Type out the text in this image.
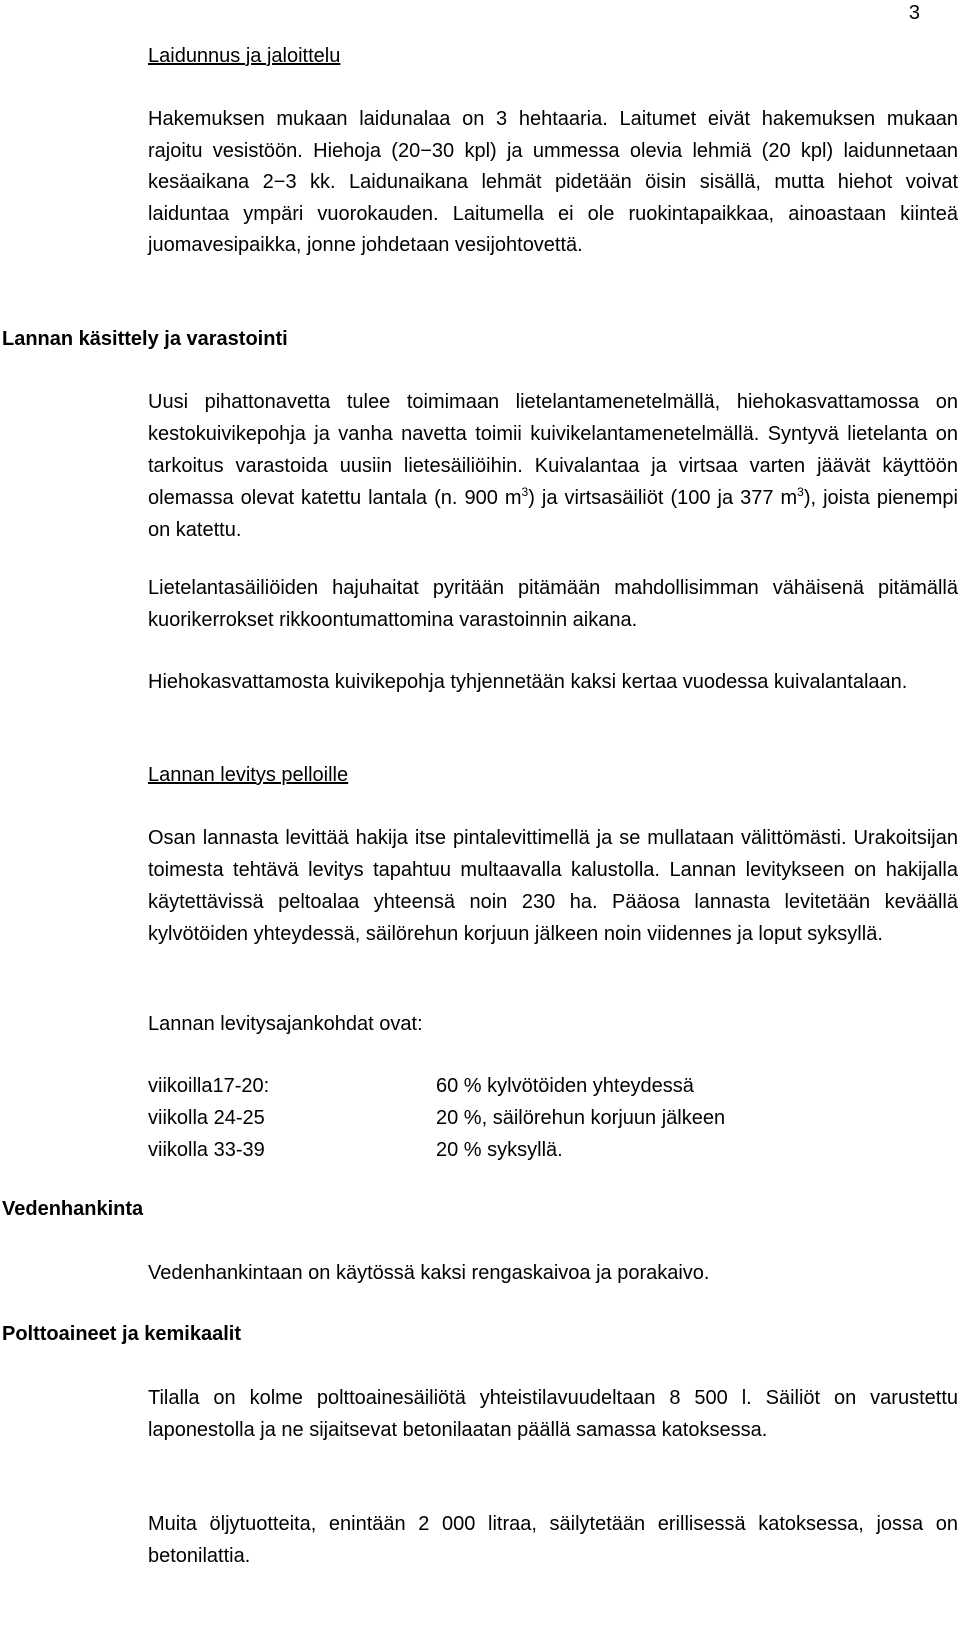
3
Laidunnus ja jaloittelu

Hakemuksen mukaan laidunalaa on 3 hehtaaria. Laitumet eivät hakemuksen mukaan rajoitu vesistöön. Hiehoja (20−30 kpl) ja ummessa olevia lehmiä (20 kpl) laidunnetaan kesäaikana 2−3 kk. Laidunaikana lehmät pidetään öisin sisällä, mutta hiehot voivat laiduntaa ympäri vuorokauden. Laitumella ei ole ruokintapaikkaa, ainoastaan kiinteä juomavesipaikka, jonne johdetaan vesijohtovettä.

Lannan käsittely ja varastointi

Uusi pihattonavetta tulee toimimaan lietelantamenetelmällä, hiehokasvattamossa on kestokuivikepohja ja vanha navetta toimii kuivikelantamenetelmällä. Syntyvä lietelanta on tarkoitus varastoida uusiin lietesäiliöihin. Kuivalantaa ja virtsaa varten jäävät käyttöön olemassa olevat katettu lantala (n. 900 $m^3$) ja virtsasäiliöt (100 ja 377 $m^3$), joista pienempi on katettu.

Lietelantasäiliöiden hajuhaitat pyritään pitämään mahdollisimman vähäisenä pitämällä kuorikerrokset rikkoontumattomina varastoinnin aikana.

Hiehokasvattamosta kuivikepohja tyhjennetään kaksi kertaa vuodessa kuivalantalaan.

Lannan levitys pelloille

Osan lannasta levittää hakija itse pintalevittimellä ja se mullataan välittömästi. Urakoitsijan toimesta tehtävä levitys tapahtuu multaavalla kalustolla. Lannan levitykseen on hakijalla käytettävissä peltoalaa yhteensä noin 230 ha. Pääosa lannasta levitetään keväällä kylvötöiden yhteydessä, säilörehun korjuun jälkeen noin viidennes ja loput syksyllä.

Lannan levitysajankohdat ovat:
viikoilla17-20:	60 % kylvötöiden yhteydessä
viikolla 24-25	20 %, säilörehun korjuun jälkeen
viikolla 33-39	20 % syksyllä.
Vedenhankinta
Vedenhankintaan on käytössä kaksi rengaskaivoa ja porakaivo.
Polttoaineet ja kemikaalit

Tilalla on kolme polttoainesäiliötä yhteistilavuudeltaan 8 500 l. Säiliöt on varustettu laponestolla ja ne sijaitsevat betonilaatan päällä samassa katoksessa.

Muita öljytuotteita, enintään 2 000 litraa, säilytetään erillisessä katoksessa, jossa on betonilattia.
